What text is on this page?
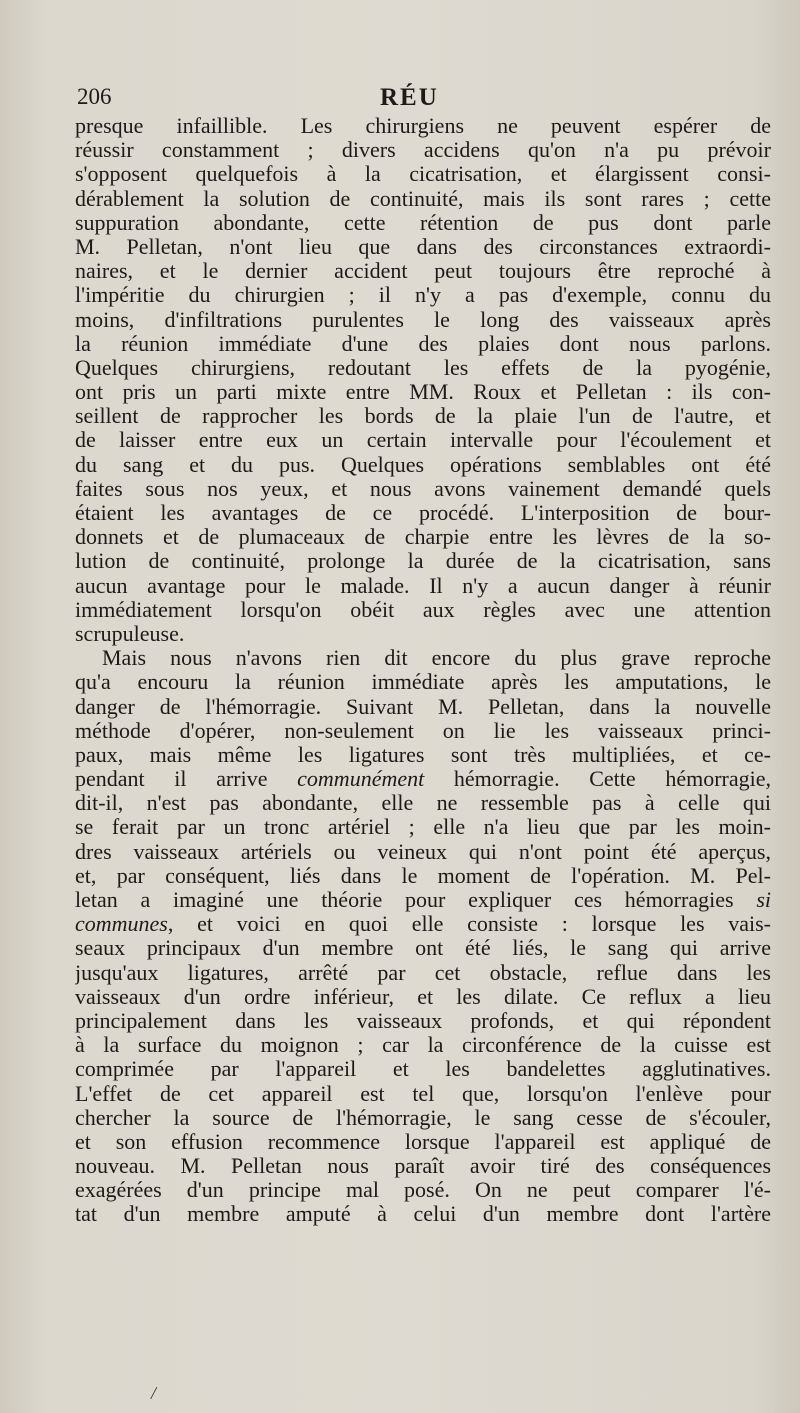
206	RÉU
presque infaillible. Les chirurgiens ne peuvent espérer de
réussir constamment ; divers accidens qu'on n'a pu prévoir
s'opposent quelquefois à la cicatrisation, et élargissent consi-
dérablement la solution de continuité, mais ils sont rares ; cette
suppuration abondante, cette rétention de pus dont parle
M. Pelletan, n'ont lieu que dans des circonstances extraordi-
naires, et le dernier accident peut toujours être reproché à
l'impéritie du chirurgien ; il n'y a pas d'exemple, connu du
moins, d'infiltrations purulentes le long des vaisseaux après
la réunion immédiate d'une des plaies dont nous parlons.
Quelques chirurgiens, redoutant les effets de la pyogénie,
ont pris un parti mixte entre MM. Roux et Pelletan : ils con-
seillent de rapprocher les bords de la plaie l'un de l'autre, et
de laisser entre eux un certain intervalle pour l'écoulement et
du sang et du pus. Quelques opérations semblables ont été
faites sous nos yeux, et nous avons vainement demandé quels
étaient les avantages de ce procédé. L'interposition de bour-
donnets et de plumaceaux de charpie entre les lèvres de la so-
lution de continuité, prolonge la durée de la cicatrisation, sans
aucun avantage pour le malade. Il n'y a aucun danger à réunir
immédiatement lorsqu'on obéit aux règles avec une attention
scrupuleuse.
Mais nous n'avons rien dit encore du plus grave reproche
qu'a encouru la réunion immédiate après les amputations, le
danger de l'hémorragie. Suivant M. Pelletan, dans la nouvelle
méthode d'opérer, non-seulement on lie les vaisseaux princi-
paux, mais même les ligatures sont très multipliées, et ce-
pendant il arrive communément hémorragie. Cette hémorragie,
dit-il, n'est pas abondante, elle ne ressemble pas à celle qui
se ferait par un tronc artériel ; elle n'a lieu que par les moin-
dres vaisseaux artériels ou veineux qui n'ont point été aperçus,
et, par conséquent, liés dans le moment de l'opération. M. Pel-
letan a imaginé une théorie pour expliquer ces hémorragies si
communes, et voici en quoi elle consiste : lorsque les vais-
seaux principaux d'un membre ont été liés, le sang qui arrive
jusqu'aux ligatures, arrêté par cet obstacle, reflue dans les
vaisseaux d'un ordre inférieur, et les dilate. Ce reflux a lieu
principalement dans les vaisseaux profonds, et qui répondent
à la surface du moignon ; car la circonférence de la cuisse est
comprimée par l'appareil et les bandelettes agglutinatives.
L'effet de cet appareil est tel que, lorsqu'on l'enlève pour
chercher la source de l'hémorragie, le sang cesse de s'écouler,
et son effusion recommence lorsque l'appareil est appliqué de
nouveau. M. Pelletan nous paraît avoir tiré des conséquences
exagérées d'un principe mal posé. On ne peut comparer l'é-
tat d'un membre amputé à celui d'un membre dont l'artère
/
